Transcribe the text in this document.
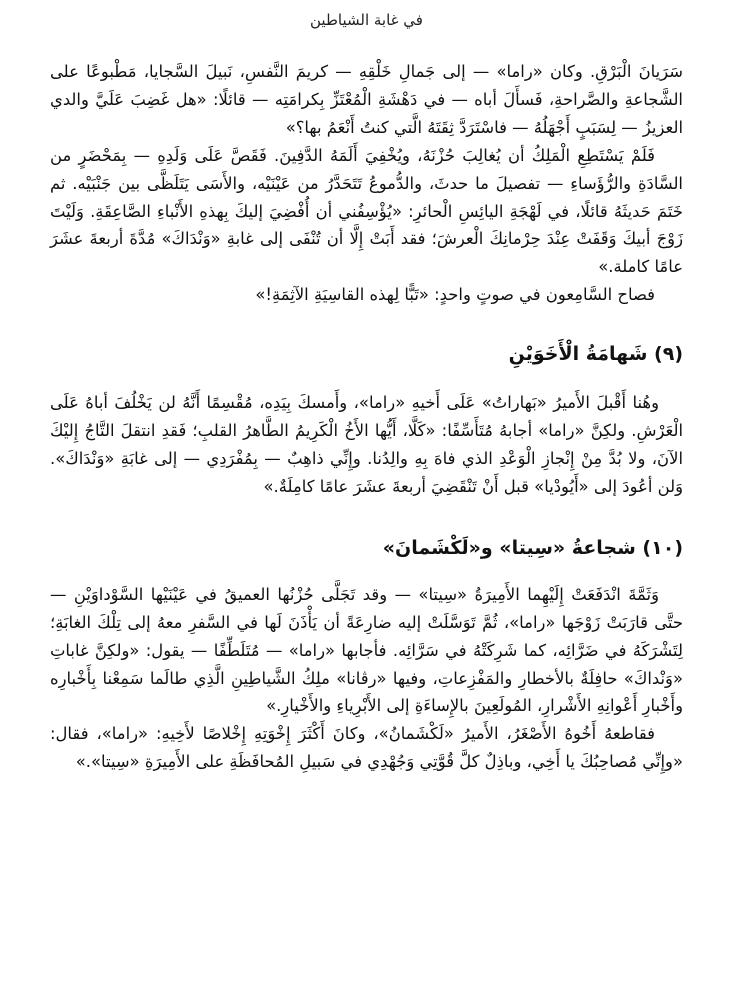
في غابة الشياطين

سَرَيانَ الْبَرْقِ. وكان «راما» — إلى جَمالِ خَلْقِهِ — كريمَ النَّفسِ، نَبيلَ السَّجايا، مَطْبوعًا على الشَّجاعةِ والصَّراحةِ، فَسأَلَ أباه — في دَهْشَةِ الْمُعْتَزِّ بِكرامَتِه — قائلًا: «هل غَضِبَ عَلَيَّ والدي العزيزُ — لِسَبَبٍ أَجْهَلُهُ — فاسْتَرَدَّ ثِقَتَهُ الَّتي كنتُ أَنْعَمُ بها؟»

فَلَمْ يَسْتَطِعِ الْمَلِكُ أن يُغالِبَ حُزْنَهُ، ويُخْفِيَ أَلَمَهُ الدَّفِينَ. فَقَصَّ عَلَى وَلَدِهِ — بِمَحْضَرٍ من السَّادَةِ والرُّؤَساءِ — تفصيلَ ما حدثَ، والدُّموعُ تَتَحَدَّرُ من عَيْنَيْه، والأَسَى يَتَلَظَّى بين جَنْبَيْه. ثم خَتَمَ حَديثَهُ قائلًا، في لَهْجَةِ اليائِسِ الْحائرِ: «يُؤْسِفُني أن أُفْضِيَ إليكَ بِهذهِ الأَنْباءِ الصَّاعِقَةِ. وَلَيْتَ زَوْجَ أبيكَ وَقَفَتْ عِنْدَ حِرْمانِكَ الْعرشَ؛ فقد أَبَتْ إِلَّا أن تُنْفَى إلى غابةِ «وَنْدَاكَ» مُدَّةَ أربعةَ عشَرَ عامًا كاملة.»

فصاح السَّامِعون في صوتٍ واحدٍ: «تَبًّا لِهذه القاسِيَةِ الآثِمَةِ!»

(٩) شَهامَةُ الْأَخَوَيْنِ

وهُنا أَقْبلَ الأَميرُ «بَهاراتُ» عَلَى أَخيهِ «راما»، وأَمسكَ بِيَدِه، مُقْسِمًا أَنَّهُ لن يَخْلُفَ أباهُ عَلَى الْعَرْشِ. ولكِنَّ «راما» أجابهُ مُتَأَسِّفًا: «كَلَّا، أَيُّها الأَخُ الْكَرِيمُ الطَّاهرُ القلبِ؛ فَقدِ انتقلَ التَّاجُ إِليْكَ الآنَ، ولا بُدَّ مِنْ إِنْجازِ الْوَعْدِ الذي فاهَ بِهِ والِدُنا. وإِنِّي ذاهِبٌ — بِمُفْرَدِي — إلى غابَةِ «وَنْدَاكَ». وَلن أعُودَ إلى «أَيُودْيا» قبل أَنْ تَنْقَضِيَ أربعةَ عشَرَ عامًا كامِلَةٌ.»

(١٠) شجاعةُ «سِيتا» و«لَكْشَمانَ»

وَثَمَّةَ انْدَفَعَتْ إِلَيْهِما الأَمِيرَةُ «سِيتا» — وقد تَجَلَّى حُزْنُها العميقُ في عَيْنَيْها السَّوْداوَيْنِ — حتَّى قارَبَتْ زَوْجَها «راما»، ثُمَّ تَوَسَّلَتْ إليه ضارِعَةً أن يَأْذَنَ لَها في السَّفرِ معهُ إلى تِلْكَ الغابَةِ؛ لِتَشْرَكَهُ في ضَرَّائِه، كما شَرِكَتْهُ في سَرَّائِه. فأجابها «راما» — مُتَلَطِّفًا — يقول: «ولكِنَّ غاباتِ «وَنْداكَ» حافِلَةٌ بالأخطارِ والمَفْزِعاتِ، وفيها «رڤانا» ملِكُ الشَّياطِينِ الَّذِي طالَما سَمِعْنا بِأَخْبارِه وأَخْبارِ أَعْوانِهِ الأَشْرارِ، المُولَعِينَ بالإِساءَةِ إلى الأَبْرِياءِ والأَخْيارِ.»

فقاطعهُ أَخُوهُ الأَصْغَرُ، الأَميرُ «لَكْشَمانُ»، وكانَ أَكْثَرَ إِخْوَتِهِ إِخْلاصًا لأَخِيهِ: «راما»، فقال: «وإِنِّي مُصاحِبُكَ يا أَخِي، وباذِلٌ كلَّ قُوَّتِي وَجُهْدِي في سَبيلِ المُحافَظَةِ على الأَمِيرَةِ «سِيتا».»
